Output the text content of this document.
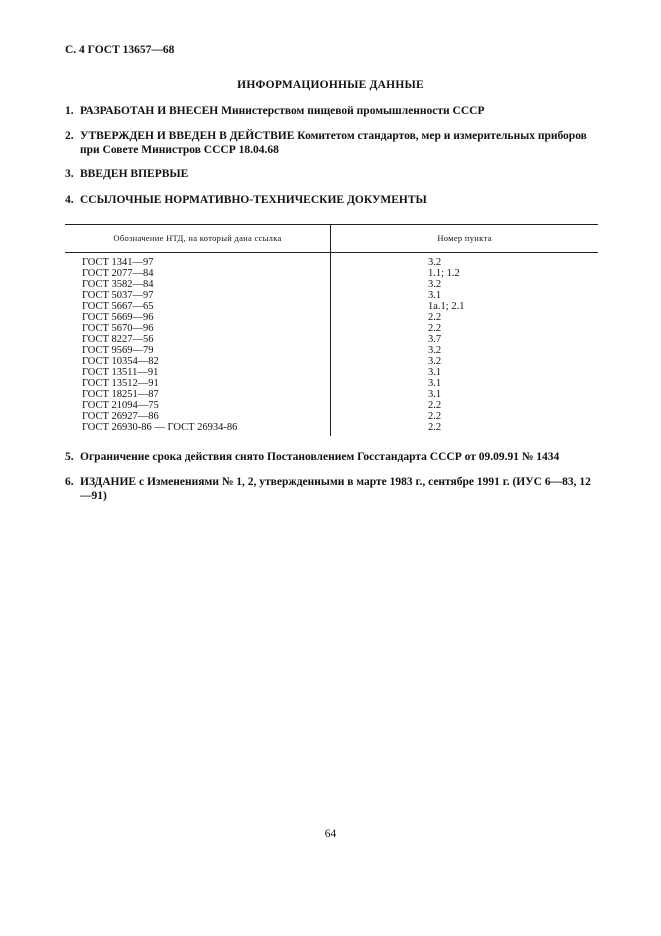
С. 4 ГОСТ 13657—68
ИНФОРМАЦИОННЫЕ ДАННЫЕ
1. РАЗРАБОТАН И ВНЕСЕН Министерством пищевой промышленности СССР
2. УТВЕРЖДЕН И ВВЕДЕН В ДЕЙСТВИЕ Комитетом стандартов, мер и измерительных приборов при Совете Министров СССР 18.04.68
3. ВВЕДЕН ВПЕРВЫЕ
4. ССЫЛОЧНЫЕ НОРМАТИВНО-ТЕХНИЧЕСКИЕ ДОКУМЕНТЫ
Обозначение НТД, на который дана ссылка	Номер пункта
ГОСТ 1341—97	3.2
ГОСТ 2077—84	1.1; 1.2
ГОСТ 3582—84	3.2
ГОСТ 5037—97	3.1
ГОСТ 5667—65	1а.1; 2.1
ГОСТ 5669—96	2.2
ГОСТ 5670—96	2.2
ГОСТ 8227—56	3.7
ГОСТ 9569—79	3.2
ГОСТ 10354—82	3.2
ГОСТ 13511—91	3.1
ГОСТ 13512—91	3.1
ГОСТ 18251—87	3.1
ГОСТ 21094—75	2.2
ГОСТ 26927—86	2.2
ГОСТ 26930-86 — ГОСТ 26934-86	2.2
5. Ограничение срока действия снято Постановлением Госстандарта СССР от 09.09.91 № 1434
6. ИЗДАНИЕ с Изменениями № 1, 2, утвержденными в марте 1983 г., сентябре 1991 г. (ИУС 6—83, 12—91)
64
